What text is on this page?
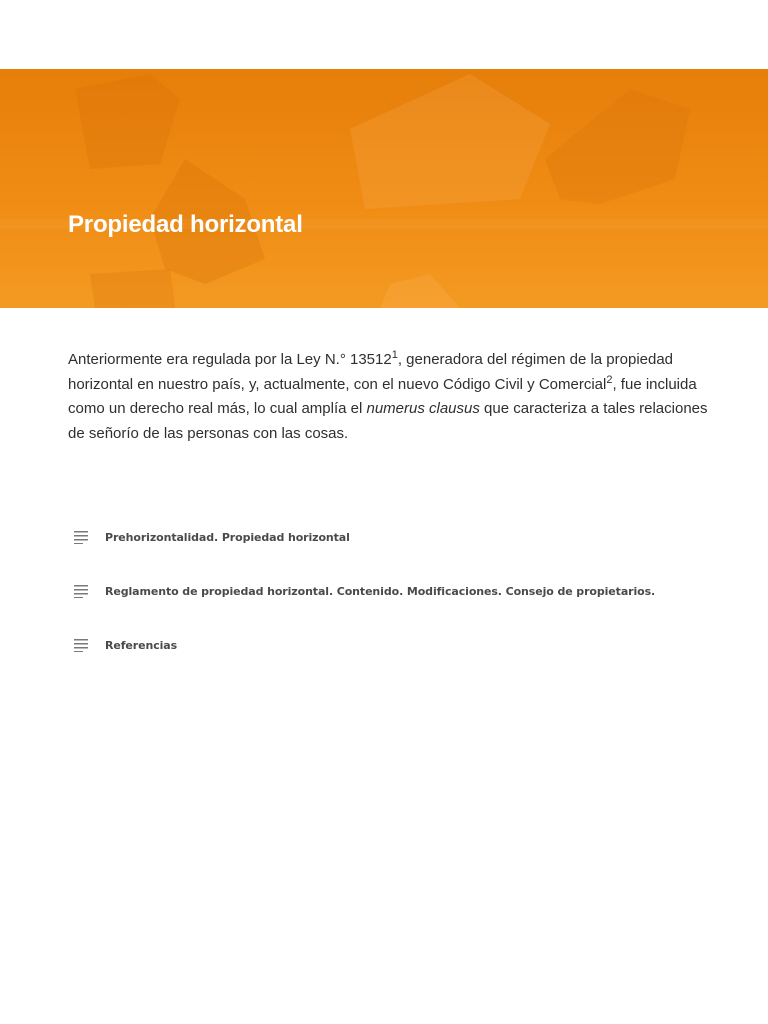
Propiedad horizontal

Anteriormente era regulada por la Ley N.° 13512$^1$, generadora del régimen de la propiedad horizontal en nuestro país, y, actualmente, con el nuevo Código Civil y Comercial$^2$, fue incluida como un derecho real más, lo cual amplía el numerus clausus que caracteriza a tales relaciones de señorío de las personas con las cosas.

Prehorizontalidad. Propiedad horizontal
Reglamento de propiedad horizontal. Contenido. Modificaciones. Consejo de propietarios.
Referencias
